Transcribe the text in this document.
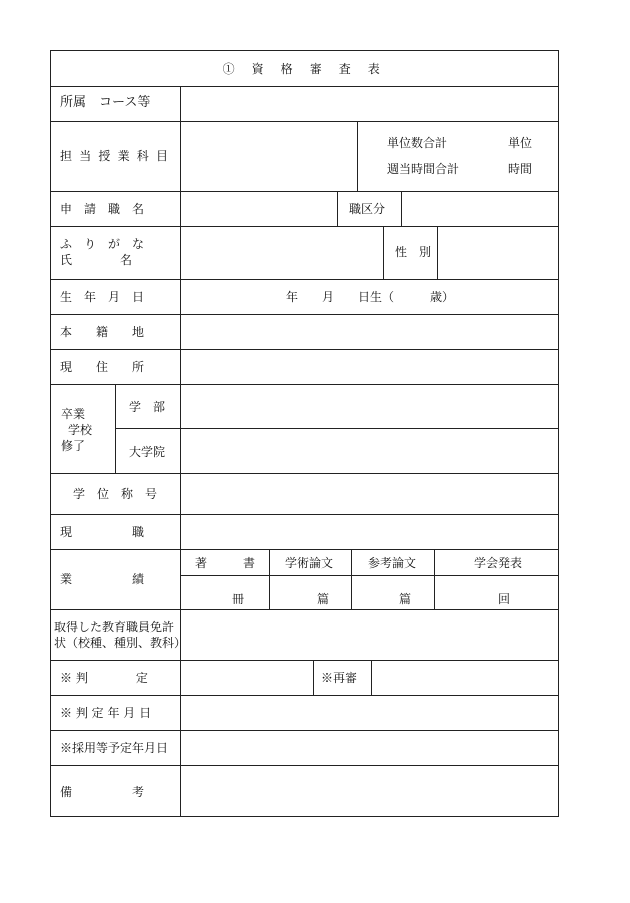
① 資 格 審 査 表
所属　コース等
担当授業科目
単位数合計	単位
週当時間合計	時間
申　請　職　名	職区分
ふ　り　が　な
氏　　　　名
性　別
生　年　月　日	年　　月　　日生（　　　歳）
本　　籍　　地
現　　住　　所
卒業
学校
修了
学　部
大学院
学　位　称　号
現　　　　　職
業　　　　　績
著　　　書 学術論文	参考論文	学会発表
冊	篇	篇	回
取得した教育職員免許
状（校種、種別、教科）
※ 判　　　　定	※再審
※ 判 定 年 月 日
※採用等予定年月日
備　　　　　考
